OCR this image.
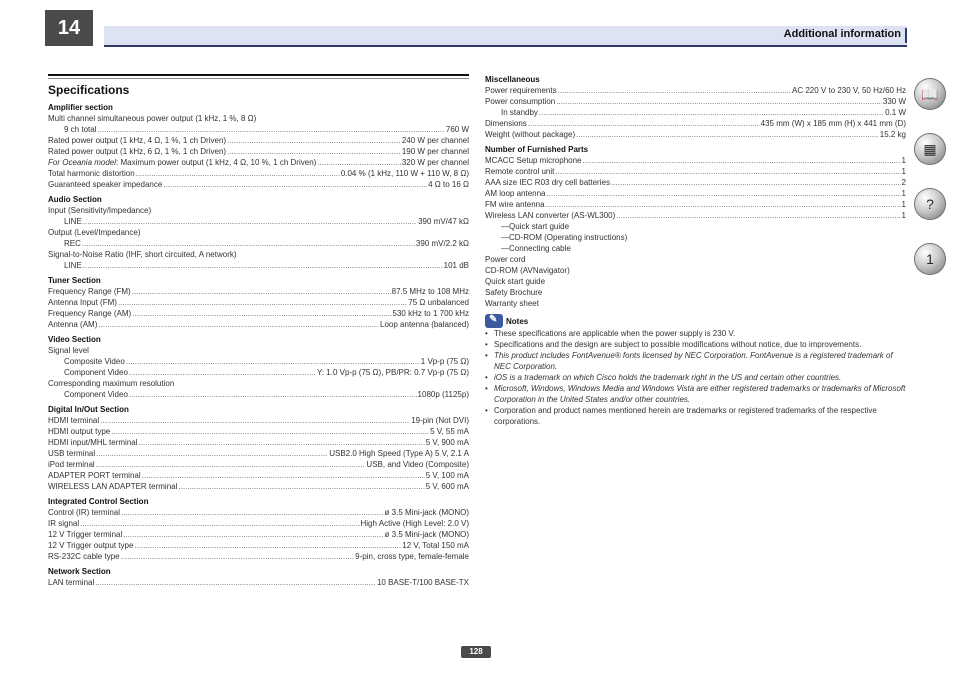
14	Additional information
Specifications
Amplifier section
Multi channel simultaneous power output (1 kHz, 1 %, 8 Ω)
9 ch total .....	760 W
Rated power output (1 kHz, 4 Ω, 1 %, 1 ch Driven) .....	240 W per channel
Rated power output (1 kHz, 6 Ω, 1 %, 1 ch Driven) .....	190 W per channel
For Oceania model: Maximum power output (1 kHz, 4 Ω, 10 %, 1 ch Driven) .....	320 W per channel
Total harmonic distortion .....	0.04 % (1 kHz, 110 W + 110 W, 8 Ω)
Guaranteed speaker impedance .....	4 Ω to 16 Ω
Audio Section
Input (Sensitivity/Impedance)
LINE .....	390 mV/47 kΩ
Output (Level/Impedance)
REC .....	390 mV/2.2 kΩ
Signal-to-Noise Ratio (IHF, short circuited, A network)
LINE .....	101 dB
Tuner Section
Frequency Range (FM) .....	87.5 MHz to 108 MHz
Antenna Input (FM) .....	75 Ω unbalanced
Frequency Range (AM) .....	530 kHz to 1 700 kHz
Antenna (AM) .....	Loop antenna (balanced)
Video Section
Signal level
Composite Video .....	1 Vp-p (75 Ω)
Component Video .....	Y: 1.0 Vp-p (75 Ω), PB/PR: 0.7 Vp-p (75 Ω)
Corresponding maximum resolution
Component Video .....	1080p (1125p)
Digital In/Out Section
HDMI terminal .....	19-pin (Not DVI)
HDMI output type .....	5 V, 55 mA
HDMI input/MHL terminal .....	5 V, 900 mA
USB terminal .....	USB2.0 High Speed (Type A) 5 V, 2.1 A
iPod terminal .....	USB, and Video (Composite)
ADAPTER PORT terminal .....	5 V, 100 mA
WIRELESS LAN ADAPTER terminal .....	5 V, 600 mA
Integrated Control Section
Control (IR) terminal .....	ø 3.5 Mini-jack (MONO)
IR signal .....	High Active (High Level: 2.0 V)
12 V Trigger terminal .....	ø 3.5 Mini-jack (MONO)
12 V Trigger output type .....	12 V, Total 150 mA
RS-232C cable type .....	9-pin, cross type, female-female
Network Section
LAN terminal .....	10 BASE-T/100 BASE-TX
Miscellaneous
Power requirements .....	AC 220 V to 230 V, 50 Hz/60 Hz
Power consumption .....	330 W
In standby .....	0.1 W
Dimensions .....	435 mm (W) x 185 mm (H) x 441 mm (D)
Weight (without package) .....	15.2 kg
Number of Furnished Parts
MCACC Setup microphone .....	1
Remote control unit .....	1
AAA size IEC R03 dry cell batteries .....	2
AM loop antenna .....	1
FM wire antenna .....	1
Wireless LAN converter (AS-WL300) .....	1
—Quick start guide
—CD-ROM (Operating instructions)
—Connecting cable
Power cord
CD-ROM (AVNavigator)
Quick start guide
Safety Brochure
Warranty sheet
✎
Notes
• These specifications are applicable when the power supply is 230 V.
• Specifications and the design are subject to possible modifications without notice, due to improvements.
• This product includes FontAvenue® fonts licensed by NEC Corporation. FontAvenue is a registered trademark of NEC Corporation.
• iOS is a trademark on which Cisco holds the trademark right in the US and certain other countries.
• Microsoft, Windows, Windows Media and Windows Vista are either registered trademarks or trademarks of Microsoft Corporation in the United States and/or other countries.
• Corporation and product names mentioned herein are trademarks or registered trademarks of the respective corporations.
📖
▦
?
1
128
